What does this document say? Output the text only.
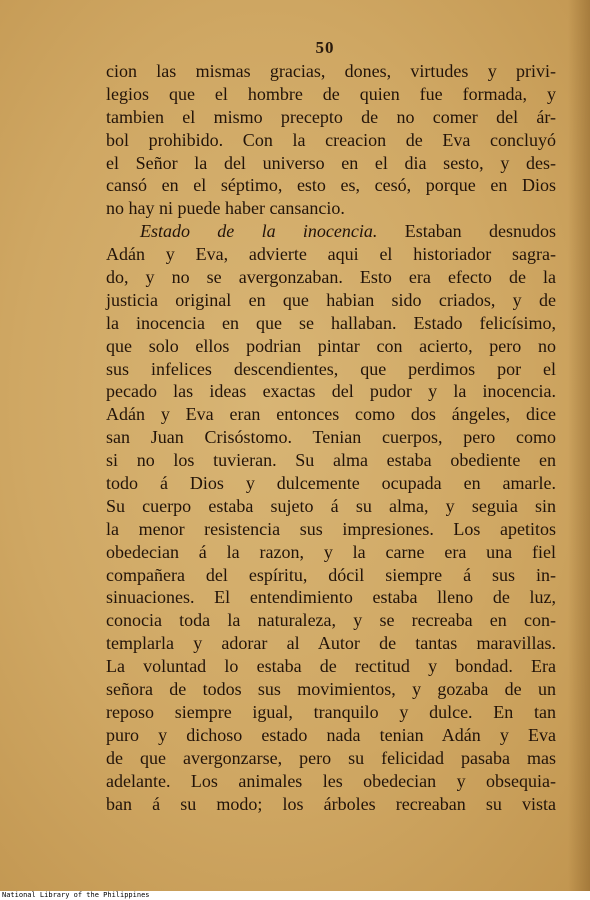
50
cion las mismas gracias, dones, virtudes y privi-
legios que el hombre de quien fue formada, y
tambien el mismo precepto de no comer del ár-
bol prohibido. Con la creacion de Eva concluyó
el Señor la del universo en el dia sesto, y des-
cansó en el séptimo, esto es, cesó, porque en Dios
no hay ni puede haber cansancio.
Estado de la inocencia. Estaban desnudos
Adán y Eva, advierte aqui el historiador sagra-
do, y no se avergonzaban. Esto era efecto de la
justicia original en que habian sido criados, y de
la inocencia en que se hallaban. Estado felicísimo,
que solo ellos podrian pintar con acierto, pero no
sus infelices descendientes, que perdimos por el
pecado las ideas exactas del pudor y la inocencia.
Adán y Eva eran entonces como dos ángeles, dice
san Juan Crisóstomo. Tenian cuerpos, pero como
si no los tuvieran. Su alma estaba obediente en
todo á Dios y dulcemente ocupada en amarle.
Su cuerpo estaba sujeto á su alma, y seguia sin
la menor resistencia sus impresiones. Los apetitos
obedecian á la razon, y la carne era una fiel
compañera del espíritu, dócil siempre á sus in-
sinuaciones. El entendimiento estaba lleno de luz,
conocia toda la naturaleza, y se recreaba en con-
templarla y adorar al Autor de tantas maravillas.
La voluntad lo estaba de rectitud y bondad. Era
señora de todos sus movimientos, y gozaba de un
reposo siempre igual, tranquilo y dulce. En tan
puro y dichoso estado nada tenian Adán y Eva
de que avergonzarse, pero su felicidad pasaba mas
adelante. Los animales les obedecian y obsequia-
ban á su modo; los árboles recreaban su vista
National Library of the Philippines
